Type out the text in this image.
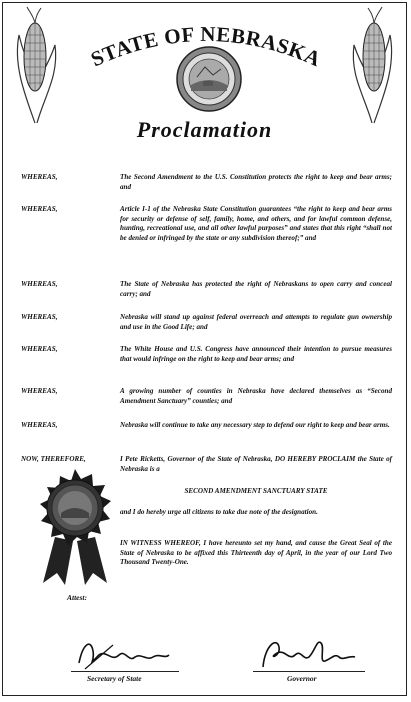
STATE OF NEBRASKA
Proclamation
WHEREAS,	The Second Amendment to the U.S. Constitution protects the right to keep and bear arms; and
WHEREAS,	Article I-1 of the Nebraska State Constitution guarantees “the right to keep and bear arms for security or defense of self, family, home, and others, and for lawful common defense, hunting, recreational use, and all other lawful purposes” and states that this right “shall not be denied or infringed by the state or any subdivision thereof;” and
WHEREAS,	The State of Nebraska has protected the right of Nebraskans to open carry and conceal carry; and
WHEREAS,	Nebraska will stand up against federal overreach and attempts to regulate gun ownership and use in the Good Life; and
WHEREAS,	The White House and U.S. Congress have announced their intention to pursue measures that would infringe on the right to keep and bear arms; and
WHEREAS,	A growing number of counties in Nebraska have declared themselves as “Second Amendment Sanctuary” counties; and
WHEREAS,	Nebraska will continue to take any necessary step to defend our right to keep and bear arms.
NOW, THEREFORE,	I Pete Ricketts, Governor of the State of Nebraska, DO HEREBY PROCLAIM the State of Nebraska is a
SECOND AMENDMENT SANCTUARY STATE
and I do hereby urge all citizens to take due note of the designation.
IN WITNESS WHEREOF, I have hereunto set my hand, and cause the Great Seal of the State of Nebraska to be affixed this Thirteenth day of April, in the year of our Lord Two Thousand Twenty-One.
Attest:
Secretary of State	Governor
